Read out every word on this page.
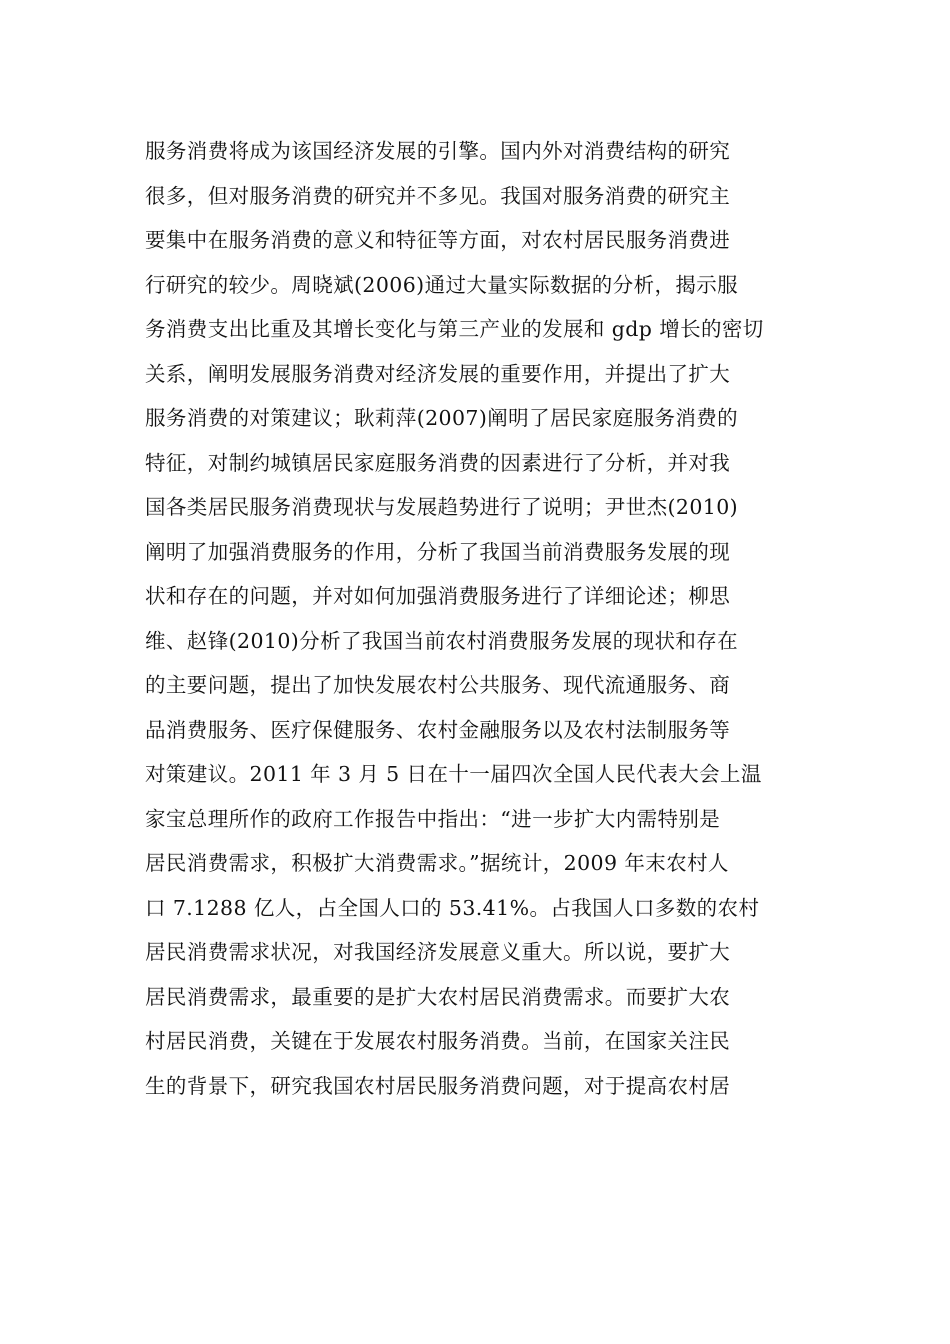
服务消费将成为该国经济发展的引擎。国内外对消费结构的研究
很多，但对服务消费的研究并不多见。我国对服务消费的研究主
要集中在服务消费的意义和特征等方面，对农村居民服务消费进
行研究的较少。周晓斌(2006)通过大量实际数据的分析，揭示服
务消费支出比重及其增长变化与第三产业的发展和 gdp 增长的密切
关系，阐明发展服务消费对经济发展的重要作用，并提出了扩大
服务消费的对策建议；耿莉萍(2007)阐明了居民家庭服务消费的
特征，对制约城镇居民家庭服务消费的因素进行了分析，并对我
国各类居民服务消费现状与发展趋势进行了说明；尹世杰(2010)
阐明了加强消费服务的作用，分析了我国当前消费服务发展的现
状和存在的问题，并对如何加强消费服务进行了详细论述；柳思
维、赵锋(2010)分析了我国当前农村消费服务发展的现状和存在
的主要问题，提出了加快发展农村公共服务、现代流通服务、商
品消费服务、医疗保健服务、农村金融服务以及农村法制服务等
对策建议。2011 年 3 月 5 日在十一届四次全国人民代表大会上温
家宝总理所作的政府工作报告中指出：“进一步扩大内需特别是
居民消费需求，积极扩大消费需求。”据统计，2009 年末农村人
口 7.1288 亿人，占全国人口的 53.41%。占我国人口多数的农村
居民消费需求状况，对我国经济发展意义重大。所以说，要扩大
居民消费需求，最重要的是扩大农村居民消费需求。而要扩大农
村居民消费，关键在于发展农村服务消费。当前，在国家关注民
生的背景下，研究我国农村居民服务消费问题，对于提高农村居
